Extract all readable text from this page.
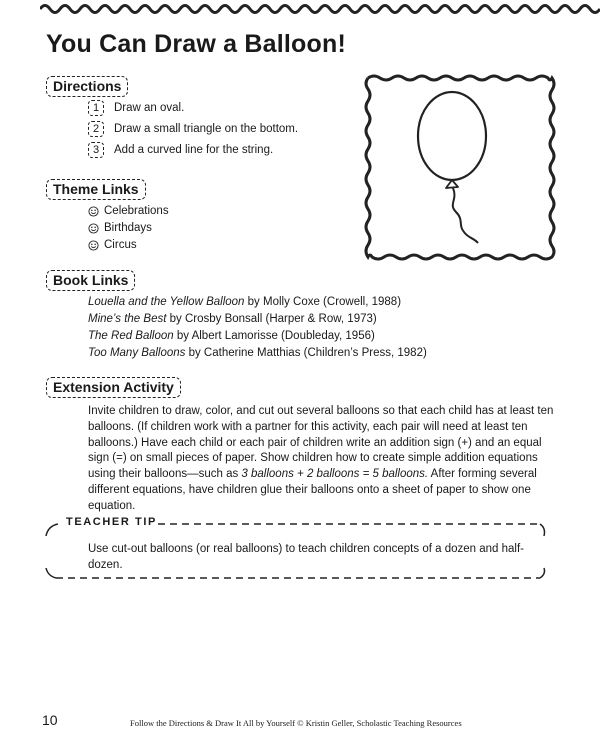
You Can Draw a Balloon!
Directions
1	Draw an oval.
2	Draw a small triangle on the bottom.
3	Add a curved line for the string.
Theme Links
Celebrations
Birthdays
Circus
Book Links
Louella and the Yellow Balloon by Molly Coxe (Crowell, 1988)
Mine’s the Best by Crosby Bonsall (Harper & Row, 1973)
The Red Balloon by Albert Lamorisse (Doubleday, 1956)
Too Many Balloons by Catherine Matthias (Children’s Press, 1982)
Extension Activity
Invite children to draw, color, and cut out several balloons so that each child has at least ten balloons. (If children work with a partner for this activity, each pair will need at least ten balloons.) Have each child or each pair of children write an addition sign (+) and an equal sign (=) on small pieces of paper. Show children how to create simple addition equations using their balloons—such as 3 balloons + 2 balloons = 5 balloons. After forming several different equations, have children glue their balloons onto a sheet of paper to show one equation.
TEACHER TIP
Use cut-out balloons (or real balloons) to teach children concepts of a dozen and half-dozen.
10	Follow the Directions & Draw It All by Yourself © Kristin Geller, Scholastic Teaching Resources
